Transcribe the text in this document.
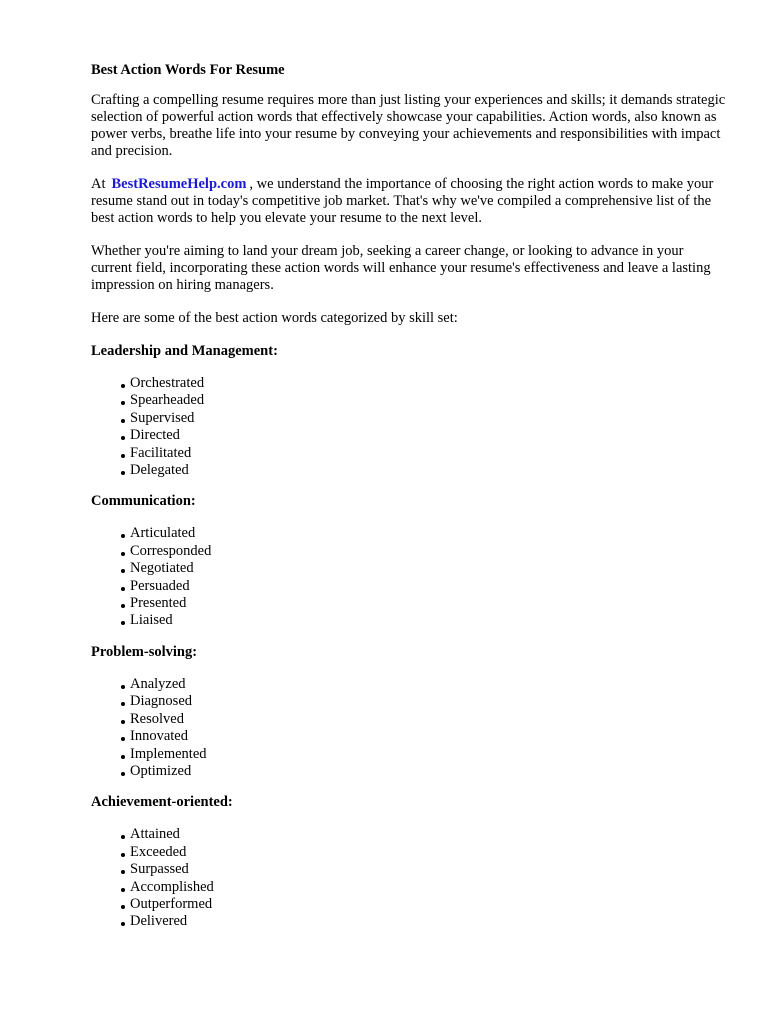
Best Action Words For Resume

Crafting a compelling resume requires more than just listing your experiences and skills; it demands strategic selection of powerful action words that effectively showcase your capabilities. Action words, also known as power verbs, breathe life into your resume by conveying your achievements and responsibilities with impact and precision.

At BestResumeHelp.com , we understand the importance of choosing the right action words to make your resume stand out in today's competitive job market. That's why we've compiled a comprehensive list of the best action words to help you elevate your resume to the next level.

Whether you're aiming to land your dream job, seeking a career change, or looking to advance in your current field, incorporating these action words will enhance your resume's effectiveness and leave a lasting impression on hiring managers.

Here are some of the best action words categorized by skill set:

Leadership and Management:
Orchestrated
Spearheaded
Supervised
Directed
Facilitated
Delegated
Communication:
Articulated
Corresponded
Negotiated
Persuaded
Presented
Liaised
Problem-solving:
Analyzed
Diagnosed
Resolved
Innovated
Implemented
Optimized
Achievement-oriented:
Attained
Exceeded
Surpassed
Accomplished
Outperformed
Delivered
